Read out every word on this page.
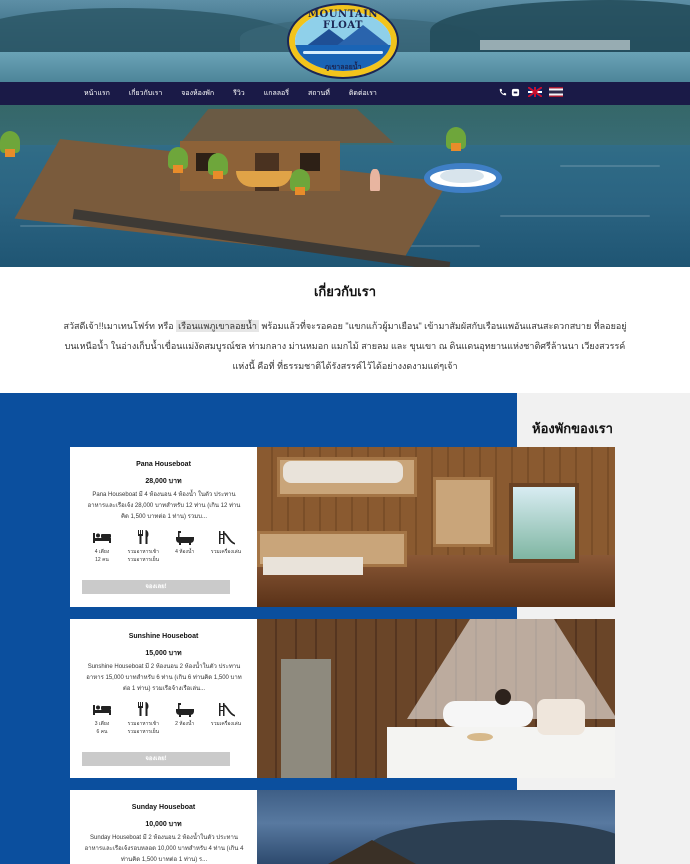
MOUNTAIN FLOAT
ภูเขาลอยน้ำ
หน้าแรก	เกี่ยวกับเรา	จองห้องพัก	รีวิว	แกลลอรี่	สถานที่	ติดต่อเรา
เกี่ยวกับเรา

สวัสดีเจ้า!!เมาเทนโฟร์ท หรือ เรือนแพภูเขาลอยน้ำ พร้อมแล้วที่จะรอคอย "แขกแก้วผู้มาเยือน" เข้ามาสัมผัสกับเรือนแพอันแสนสะดวกสบาย ที่ลอยอยู่บนเหนือน้ำ ในอ่างเก็บน้ำเขื่อนแม่งัดสมบูรณ์ชล ท่ามกลาง ม่านหมอก แมกไม้ สายลม และ ขุนเขา ณ ดินแดนอุทยานแห่งชาติศรีล้านนา เวียงสวรรค์แห่งนี้ คือที่ ที่ธรรมชาติได้รังสรรค์ไว้ได้อย่างงดงามแต่ๆเจ้า

ห้องพักของเรา
Pana Houseboat
28,000 บาท
Pana Houseboat มี 4 ห้องนอน 4 ห้องน้ำ ในตัว ประทานอาหารและเรือเจ้ง 28,000 บาทสำหรับ 12 ท่าน (เกิน 12 ท่านคิด 1,500 บาทต่อ 1 ท่าน) รวมบ...
4 เตียง
12 คน
รวมอาหารเช้า
รวมอาหารเย็น
4 ห้องน้ำ	รวมเครื่องเล่น
จองเลย!
Sunshine Houseboat
15,000 บาท
Sunshine Houseboat มี 2 ห้องนอน 2 ห้องน้ำในตัว ประทานอาหาร 15,000 บาทสำหรับ 6 ท่าน (เกิน 6 ท่านคิด 1,500 บาทต่อ 1 ท่าน) รวมเรือจ้างเรือเล่น...
3 เตียง
6 คน
รวมอาหารเช้า
รวมอาหารเย็น
2 ห้องน้ำ	รวมเครื่องเล่น
จองเลย!
Sunday Houseboat
10,000 บาท
Sunday Houseboat มี 2 ห้องนอน 2 ห้องน้ำในตัว ประทานอาหารและเรือเจ้งรอบหลอด 10,000 บาทสำหรับ 4 ท่าน (เกิน 4 ท่านคิด 1,500 บาทต่อ 1 ท่าน) ร...
